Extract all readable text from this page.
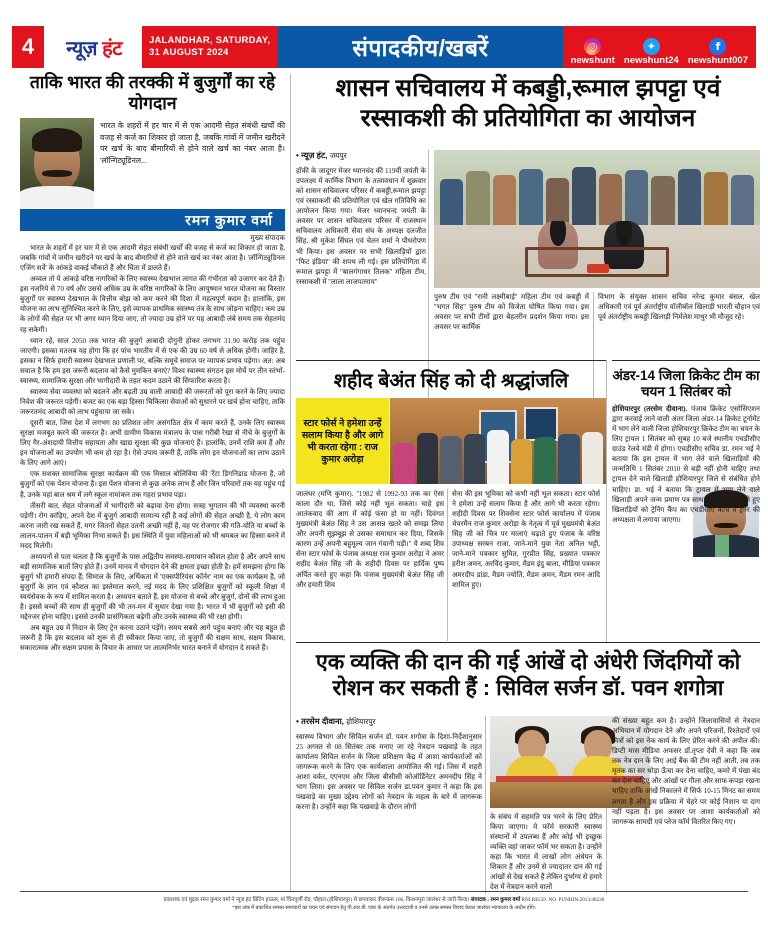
4	न्यूज़ हंट	JALANDHAR, SATURDAY,
31 AUGUST 2024	संपादकीय/खबरें	◎
newshunt
✦
newshunt24
f
newshunt007
ताकि भारत की तरक्की में बुजुर्गों का रहे योगदान
भारत के शहरों में हर चार में से एक आदमी सेहत संबंधी खर्चों की वजह से कर्ज का शिकार हो जाता है, जबकि गांवों में जमीन खरीदने पर खर्च के बाद बीमारियों से होने वाले खर्च का नंबर आता है। 'लॉन्गिट्यूडिनल...
रमन कुमार वर्मा
मुख्य संपादक

भारत के शहरों में हर चार में से एक आदमी सेहत संबंधी खर्चों की वजह से कर्ज का शिकार हो जाता है, जबकि गांवों में जमीन खरीदने पर खर्च के बाद बीमारियों से होने वाले खर्च का नंबर आता है। 'लॉन्गिट्यूडिनल एजिंग सर्वे' के आंकड़े वाकई चौंकाते हैं और चिंता में डालते हैं।

अव्वल तो ये आंकड़े वरिष्ठ नागरिकों के लिए स्वास्थ्य देखभाल लागत की गंभीरता को उजागर कर देते हैं। इस नजरिये से 70 वर्ष और उससे अधिक उम्र के वरिष्ठ नागरिकों के लिए आयुष्मान भारत योजना का विस्तार बुजुर्गों पर स्वास्थ्य देखभाल के वित्तीय बोझ को कम करने की दिशा में महत्वपूर्ण कदम है। हालांकि, इस योजना का लाभ सुनिश्चित करने के लिए, इसे व्यापक प्राथमिक स्वास्थ्य तंत्र के साथ जोड़ना चाहिए। कम उम्र के लोगों की सेहत पर भी अगर ध्यान दिया जाए, तो ज्यादा उम्र होने पर यह आबादी लंबे समय तक सेहतमंद रह सकेगी।

ध्यान रहे, साल 2050 तक भारत की बुजुर्ग आबादी दोगुनी होकर लगभग 31.90 करोड़ तक पहुंच जाएगी। इसका मतलब यह होगा कि हर पांच भारतीय में से एक की उम्र 60 वर्ष से अधिक होगी। जाहिर है, इसका न सिर्फ हमारी स्वास्थ्य देखभाल प्रणाली पर, बल्कि समूचे समाज पर व्यापक प्रभाव पड़ेगा। अत: अब सवाल है कि हम इस जरूरी बदलाव को कैसे मुमकिन बनाएं? विश्व स्वास्थ्य संगठन इस मोर्चे पर तीन स्तंभों- स्वास्थ्य, सामाजिक सुरक्षा और भागीदारी के तहत कदम उठाने की सिफारिश करता है।

स्वास्थ्य सेवा व्यवस्था को बदलने और बढ़ती उम्र वाली आबादी की जरूरतों को पूरा करने के लिए ज्यादा निवेश की जरूरत पड़ेगी। बजट का एक बड़ा हिस्सा चिकित्सा सेवाओं को सुधारने पर खर्च होना चाहिए, ताकि जरूरतमंद आबादी को लाभ पहुंचाया जा सके।

दूसरी बात, जिस देश में लगभग 80 प्रतिशत लोग असंगठित क्षेत्र में काम करते हैं, उनके लिए स्वास्थ्य सुरक्षा मजबूत करने की जरूरत है। अभी ग्रामीण विकास मंत्रालय के पास गरीबी रेखा से नीचे के बुजुर्गों के लिए गैर-अंशदायी वित्तीय सहायता और खाद्य सुरक्षा की कुछ योजनाएं हैं। हालांकि, उनमें राशि कम हैं और इन योजनाओं का उपयोग भी कम हो रहा है। ऐसे उपाय जरूरी हैं, ताकि लोग इन योजनाओं का लाभ उठाने के लिए आगे आएं।

एक सशक्त सामाजिक सुरक्षा कार्यक्रम की एक मिसाल बोलिविया की 'रेंटा डिगनिडाड योजना है, जो बुजुर्गों को एक पेंशन योजना है। इस पेंशन योजना से कुछ अनेक लाभ हैं और जिन परिवारों तक यह पहुंच गई है, उनके यहां बाल श्रम में लगे स्कूल नामांकन तक गहरा प्रभाव पड़ा।

तीसरी बात, सेहत योजनाओं में भागीदारी को बढ़ावा देना होगा। सत्रह भुगतान की भी व्यवस्था करनी पड़ेगी। रोग कांड़िए, अपने देश में बुजुर्ग आबादी सामान्य रहीं है कई लोगों की सेहत अच्छी है, ये लोग काम करना जारी रख सकते हैं, मगर जितनों सेहत उतनी अच्छी नहीं है, वह पर रोजगार की गति-योति या बच्चों के लालन-पालन में बड़ी भूमिका निभा सकते हैं। इस स्थिति में युवा महिलाओं को भी श्रमबल का हिस्सा बनने में मदद मिलेगी।

अध्ययनों से पता चलता है कि बुजुर्गों के पास अद्वितीय समस्या-समाधान कौशल होता है और अपने साथ बड़ी सामाजिक बातों लिए होते हैं। उनमें मानव में योगदान देने की क्षमता इच्छा होती है। हमें समझना होगा कि बुजुर्ग भी हमारी संपदा हैं; सिमाल के लिए, अर्थिकता में 'एक्सपीरियंस कॉर्नर' नाम का एक कार्यक्रम है, जो बुजुर्गों के ज्ञान एवं कौशल का इस्तेमाल करने, नई मदद के लिए प्रशिक्षित बुजुर्गों को स्कूली शिक्षा में स्वयंसेवक के रूप में शामिल करता है। अध्ययन बताते हैं, इस योजना से बच्चे और बुजुर्ग, दोनों की लाभ हुआ है। इससे बच्चों की साथ ही बुजुर्गों की भी तन-मन में सुधार देखा गया है। भारत में भी बुजुर्गों को इसी की मद्देनजर होना चाहिए। इससे उनकी प्रासंगिकता बढ़ेगी और उनके स्वास्थ्य की भी रक्षा होगी।

अब बहुत उम्र में निदान के लिए ट्रेन करना उठाने पड़ेंगे। समय सबसे आगे पहुंच बनाएं और यह बहुत ही जरूरी है कि इस बदलाव को शुरू से ही स्वीकार किया जाए, तो बुजुर्गों की सक्षम साथ, सक्षम विकास, सकारात्मक और सक्षम प्रयास के विचार के आधार पर आत्मनिर्भर भारत बनाने में योगदान दे सकते हैं।

शासन सचिवालय में कबड्डी,रूमाल झपट्टा एवं रस्साकशी की प्रतियोगिता का आयोजन
• न्यूज़ हंट, जयपुर

हॉकी के जादूगर मेजर ध्यानचंद की 119वीं जयंती के उपलक्ष्य में कार्मिक विभाग के तत्वावधान में शुक्रवार को शासन सचिवालय परिसर में कबड्डी,रूमाल झपट्टा एवं रस्साकशी की प्रतियोगिता एवं खेल गतिविधि का आयोजन किया गया। मेजर ध्यानचन्द जयंती के अवसर पर शासन सचिवालय परिसर में राजस्थान सचिवालय अधिकारी सेवा संघ के अध्यक्ष दलजीत सिंह, श्री मुकेश सिंघल एवं चेतन शर्मा ने पौधरोपण भी किया। इस अवसर पर सभी खिलाड़ियों द्वारा ''फिट इंडिया'' की शपथ ली गई। इस प्रतियोगिता में रूमाल झपट्टा में ''बालगंगाधर तिलक'' महिला टीम, रस्साकशी में ''लाला लाजपतराय''

पुरुष टीम एवं ''रानी लक्ष्मीबाई'' महिला टीम एवं कबड्डी में ''भगत सिंह'' पुरुष टीम को विजेता घोषित किया गया। इस अवसर पर सभी टीमों द्वारा बेहतरीन प्रदर्शन किया गया। इस अवसर पर कार्मिक

विभाग के संयुक्त शासन सचिव नरेन्द्र कुमार बंसल, खेल अधिकारी एवं पूर्व अंतर्राष्ट्रीय वॉलीबॉल खिलाड़ी भारती चौहान एवं पूर्व अंतर्राष्ट्रीय कबड्डी खिलाड़ी निर्मलेश माथुर भी मौजूद रहे।

शहीद बेअंत सिंह को दी श्रद्धांजलि
स्टार फोर्स ने हमेशा उन्हें सलाम किया है और आगे भी करता रहेगा : राज कुमार अरोड़ा

जालंधर (मणि कुमार). ''1982 से 1992-93 तक का ऐसा काला दौर था, जिसे कोई नहीं भूल सकता। चाहे इस आतंकवाद की आग में कोई फंसा हो या नहीं। दिवंगत मुख्यमंत्री बेअंत सिंह ने उस आसन्न खतरे को समझ लिया और अपनी सूझबूझ से उसका समाधान कर दिया, जिसके कारण उन्हें अपनी बहुमूल्य जान गंवानी पड़ी।'' ये शब्द शिव सेना स्टार फोर्स के पंजाब अध्यक्ष राज कुमार अरोड़ा ने अमर शहीद बेअंत सिंह जी के शहीदी दिवस पर हार्दिक पुष्प अर्पित करते हुए कहा कि पंजाब मुख्यमंत्री बेअंत सिंह जी और हमारी शिव

सेना की इस भूमिका को कभी नहीं भूल सकता। स्टार फोर्स ने हमेशा उन्हें सलाम किया है और आगे भी करता रहेगा। शहीदी दिवस पर शिवसेना स्टार फोर्स कार्यालय में पंजाब चेयरमैन राज कुमार अरोड़ा के नेतृत्व में पूर्व मुख्यमंत्री बेअंत सिंह जी को चित्र पर मालाएं चढ़ाते हुए पंजाब के वरिष्ठ उपाध्यक्ष सरबन राजा, जाने-माने युवा नेता अनिल भट्टी, जाने-माने पत्रकार सुमित, गुरप्रीत सिंह, प्रख्यात पत्रकार हरीश अमन, अरविंद कुमार, मैडम इंदु बाला, मीडिया पत्रकार अमरदीप डांडा, मैडम ज्योति, मैडम अमन, मैडम रमन आदि शामिल हुए।

अंडर-14 जिला क्रिकेट टीम का चयन 1 सितंबर को

होशियारपुर (तरसेम दीवाना). पंजाब क्रिकेट एसोसिएशन द्वारा करवाई जाने वाली अंतर जिला अंडर-14 क्रिकेट टूर्नामेंट में भाग लेने वाली जिला होशियारपुर क्रिकेट टीम का चयन के लिए ट्रायल 1 सितंबर को सुबह 10 बजे स्थानीय एचडीसीए ग्राउंड रेलवे मंडी में होगा। एचडीसीए सचिव डा. रमन भई ने बताया कि इस ट्रायल में भाग लेने वाले खिलाड़ियों की जन्मतिथि 1 सितंबर 2010 से बड़ी नहीं होनी चाहिए तथा ट्रायल देने वाले खिलाड़ी होशियारपुर जिले से संबंधित होने चाहिए। डा. भई ने बताया कि ट्रायल में भाग लेने वाले खिलाड़ी अपने जन्म प्रमाण पत्र साथ लेकर आएंगे। चुने हुए खिलाड़ियों को ट्रेनिंग कैंप का एचडीसीए कोच व ट्रेनर की अध्यक्षता में लगाया जाएगा।

एक व्यक्ति की दान की गई आंखें दो अंधेरी जिंदगियों को रोशन कर सकती हैं : सिविल सर्जन डॉ. पवन शगोत्रा
• तरसेम दीवाना, होशियारपुर

स्वास्थ्य विभाग और सिविल सर्जन डॉ. पवन शगोत्रा के दिशा-निर्देशानुसार 25 अगस्त से 08 सितंबर तक मनाए जा रहे नेत्रदान पखवाड़े के तहत कार्यालय सिविल सर्जन के जिला प्रशिक्षण केंद्र में आशा कार्यकर्ताओं को जागरूक करने के लिए एक कार्यशाला आयोजित की गई। जिस में शहरी आशा वर्कर, एएनएम और जिला बीसीसी कोऑर्डिनेटर अमनदीप सिंह ने भाग लिया। इस अवसर पर सिविल सर्जन डा.पवन कुमार ने कहा कि इस पखवाड़े का मुख्य उद्देश्य लोगों को नेत्रदान के महत्व के बारे में जागरूक करना है। उन्होंने कहा कि पखवाड़े के दौरान लोगों

के संबंध में सहमति पत्र भरने के लिए प्रेरित किया जाएगा। ये फॉर्म सरकारी स्वास्थ्य संस्थानों में उपलब्ध हैं और कोई भी इच्छुक व्यक्ति वहां जाकर फॉर्म भर सकता है। उन्होंने कहा कि भारत में लाखों लोग अंधेपन के शिकार हैं और उनमें से ज्यादातर दान की गई आंखों से देख सकते हैं लेकिन दुर्भाग्य से हमारे देश में नेत्रदान करने वालों

की संख्या बहुत कम है। उन्होंने जिलावासियों से नेत्रदान अभियान में योगदान देने और अपने परिजनों, रिश्तेदारों एवं मित्रों को इस नेक कार्य के लिए प्रेरित करने की अपील की। डिप्टी मास मीडिया अफसर डॉ.तृप्ता देवी ने कहा कि जब तक नेत्र दान के लिए आई बैंक की टीम नहीं आती, तब तक मृतक का सर थोड़ा ऊँचा कर देना चाहिए, कमरे में पंखा बंद कर देना चाहिए और आंखों पर गीला और साफ कपड़ा रखना चाहिए ताकि आंखें निकालने में सिर्फ 10-15 मिनट का समय लगता है और इस प्रक्रिया में चेहरे पर कोई निशान या दाग नहीं पड़ता है। इस अवसर पर आशा कार्यकर्ताओं को जागरूक सामग्री एवं प्लेज फॉर्म वितरित किए गए।

प्रकाशक एवं मुद्रक रमन कुमार वर्मा ने न्यूज़ हंट प्रिंटिंग हाऊस, मां चिंतपूर्णी रोड, चौहाल (होशियारपुर) से छपवाकर वीरूकस 106, किशनपुरा जालंधर से जारी किया। संपादक : रमन कुमार वर्मा RNI REGD. NO. PUNHIN/2013/48236
*इस अंक में प्रकाशित समस्त समाचारों का चयन एवं संपादन हेतु पी.आर.बी. एक्ट के अंतर्गत उत्तरदायी व उनसे उत्पन्न समस्त विवाद केवल जालंधर न्यायालय के अधीन होंगे।
